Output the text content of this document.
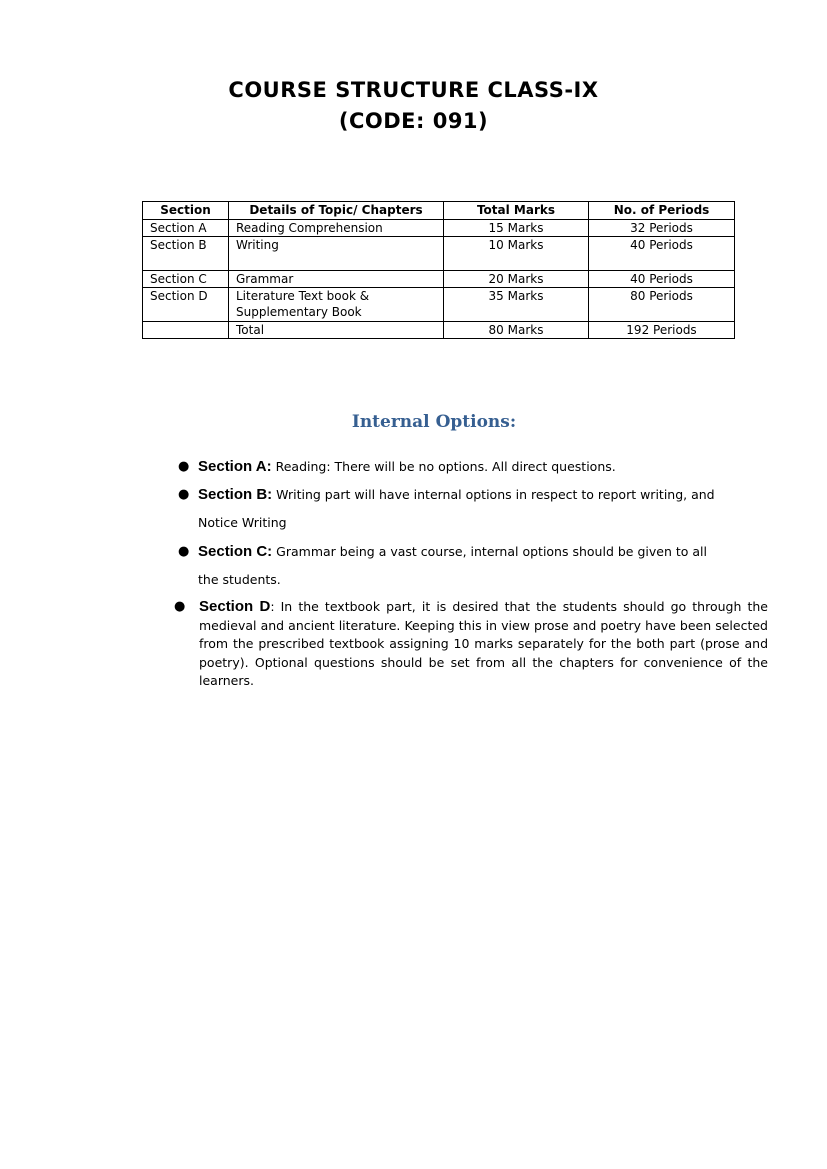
COURSE STRUCTURE CLASS-IX
(CODE: 091)
Section	Details of Topic/ Chapters	Total Marks	No. of Periods
Section A	Reading Comprehension	15 Marks	32 Periods
Section B	Writing	10 Marks	40 Periods
Section C	Grammar	20 Marks	40 Periods
Section D	Literature Text book &
Supplementary Book	35 Marks	80 Periods
	Total	80 Marks	192 Periods
Internal Options:
● Section A: Reading: There will be no options. All direct questions.
● Section B: Writing part will have internal options in respect to report writing, and
Notice Writing
● Section C: Grammar being a vast course, internal options should be given to all
the students.
● Section D: In the textbook part, it is desired that the students should go through the medieval and ancient literature. Keeping this in view prose and poetry have been selected from the prescribed textbook assigning 10 marks separately for the both part (prose and poetry). Optional questions should be set from all the chapters for convenience of the learners.
